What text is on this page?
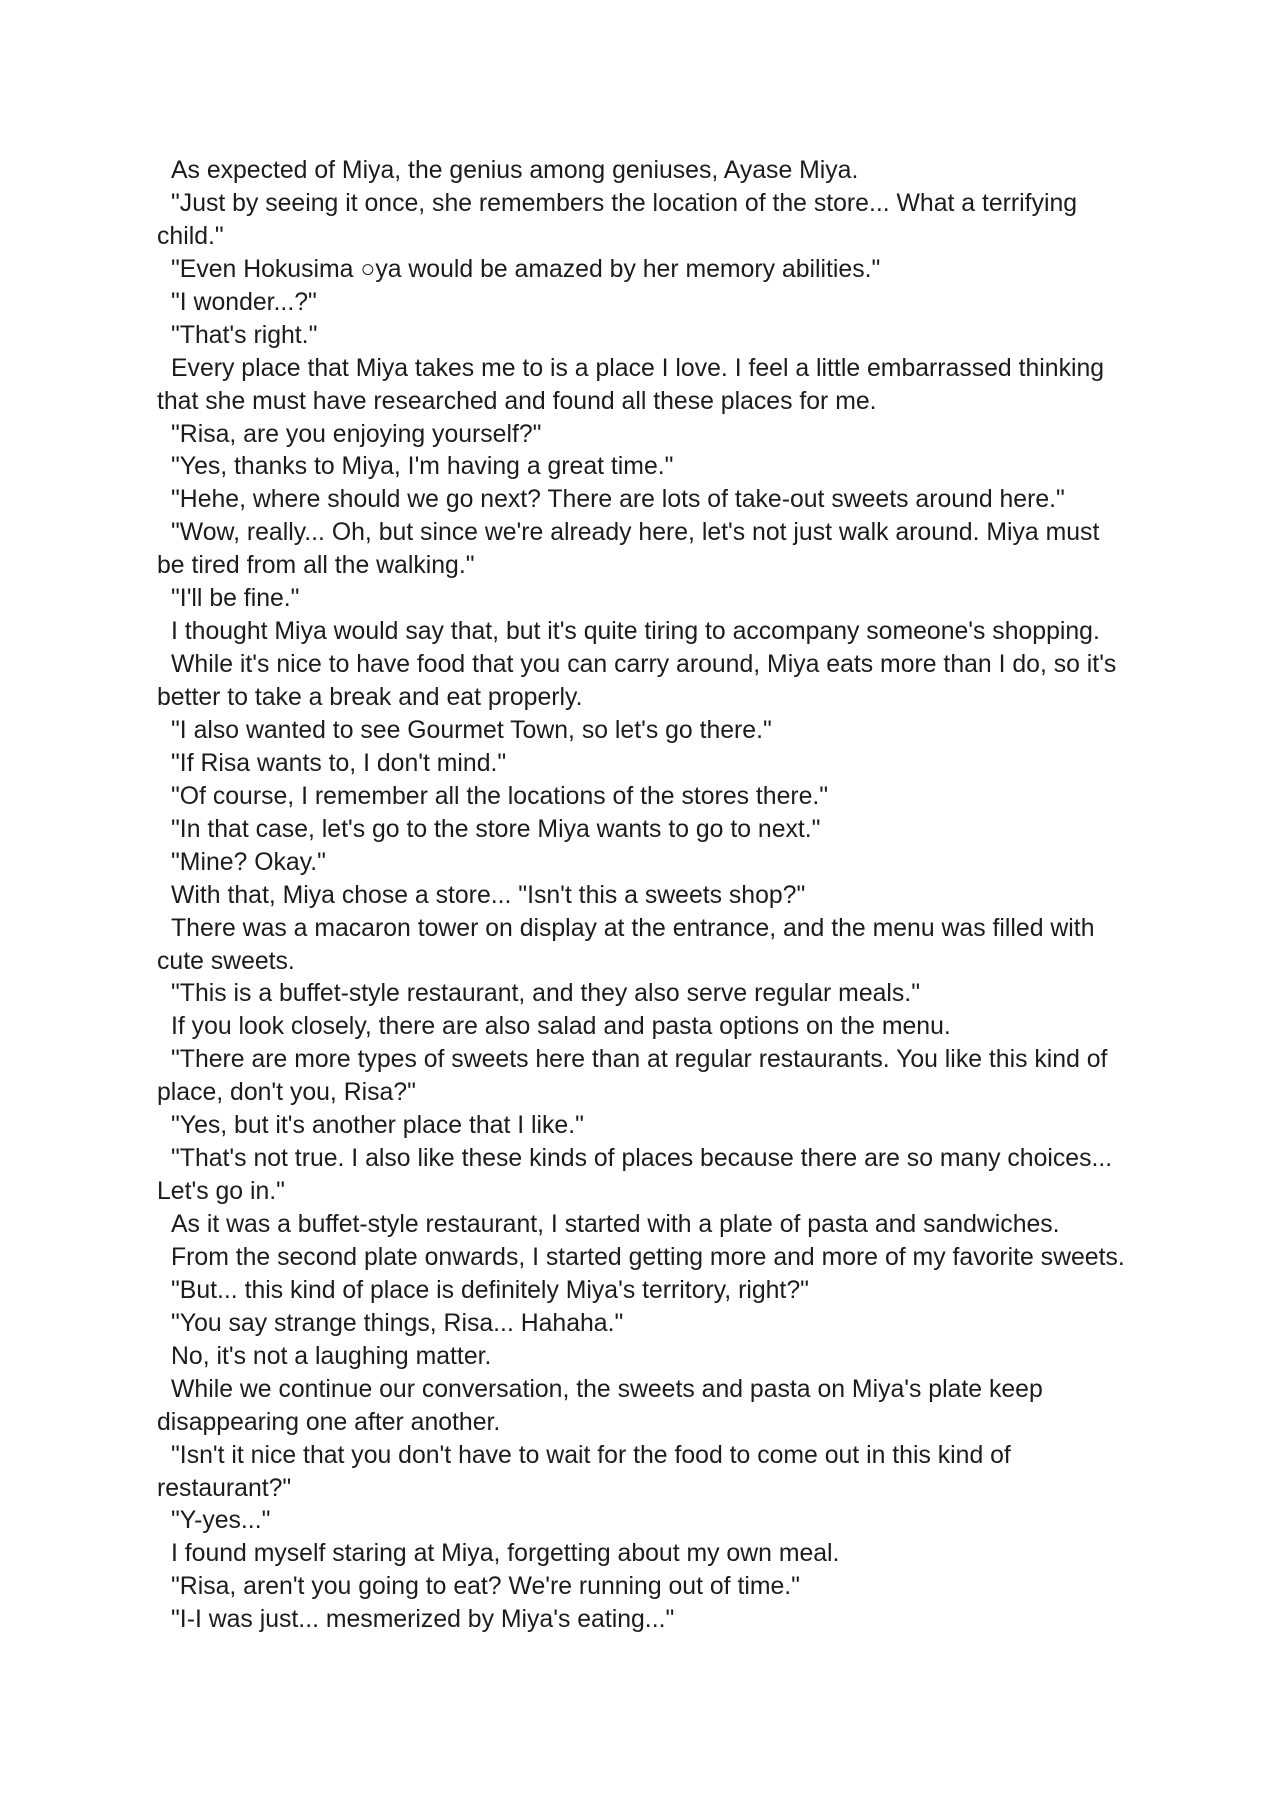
As expected of Miya, the genius among geniuses, Ayase Miya.
"Just by seeing it once, she remembers the location of the store... What a terrifying
child."
"Even Hokusima ○ya would be amazed by her memory abilities."
"I wonder...?"
"That's right."
Every place that Miya takes me to is a place I love. I feel a little embarrassed thinking
that she must have researched and found all these places for me.
"Risa, are you enjoying yourself?"
"Yes, thanks to Miya, I'm having a great time."
"Hehe, where should we go next? There are lots of take-out sweets around here."
"Wow, really... Oh, but since we're already here, let's not just walk around. Miya must
be tired from all the walking."
"I'll be fine."
I thought Miya would say that, but it's quite tiring to accompany someone's shopping.
While it's nice to have food that you can carry around, Miya eats more than I do, so it's
better to take a break and eat properly.
"I also wanted to see Gourmet Town, so let's go there."
"If Risa wants to, I don't mind."
"Of course, I remember all the locations of the stores there."
"In that case, let's go to the store Miya wants to go to next."
"Mine? Okay."
With that, Miya chose a store... "Isn't this a sweets shop?"
There was a macaron tower on display at the entrance, and the menu was filled with
cute sweets.
"This is a buffet-style restaurant, and they also serve regular meals."
If you look closely, there are also salad and pasta options on the menu.
"There are more types of sweets here than at regular restaurants. You like this kind of
place, don't you, Risa?"
"Yes, but it's another place that I like."
"That's not true. I also like these kinds of places because there are so many choices...
Let's go in."
As it was a buffet-style restaurant, I started with a plate of pasta and sandwiches.
From the second plate onwards, I started getting more and more of my favorite sweets.
"But... this kind of place is definitely Miya's territory, right?"
"You say strange things, Risa... Hahaha."
No, it's not a laughing matter.
While we continue our conversation, the sweets and pasta on Miya's plate keep
disappearing one after another.
"Isn't it nice that you don't have to wait for the food to come out in this kind of
restaurant?"
"Y-yes..."
I found myself staring at Miya, forgetting about my own meal.
"Risa, aren't you going to eat? We're running out of time."
"I-I was just... mesmerized by Miya's eating..."
